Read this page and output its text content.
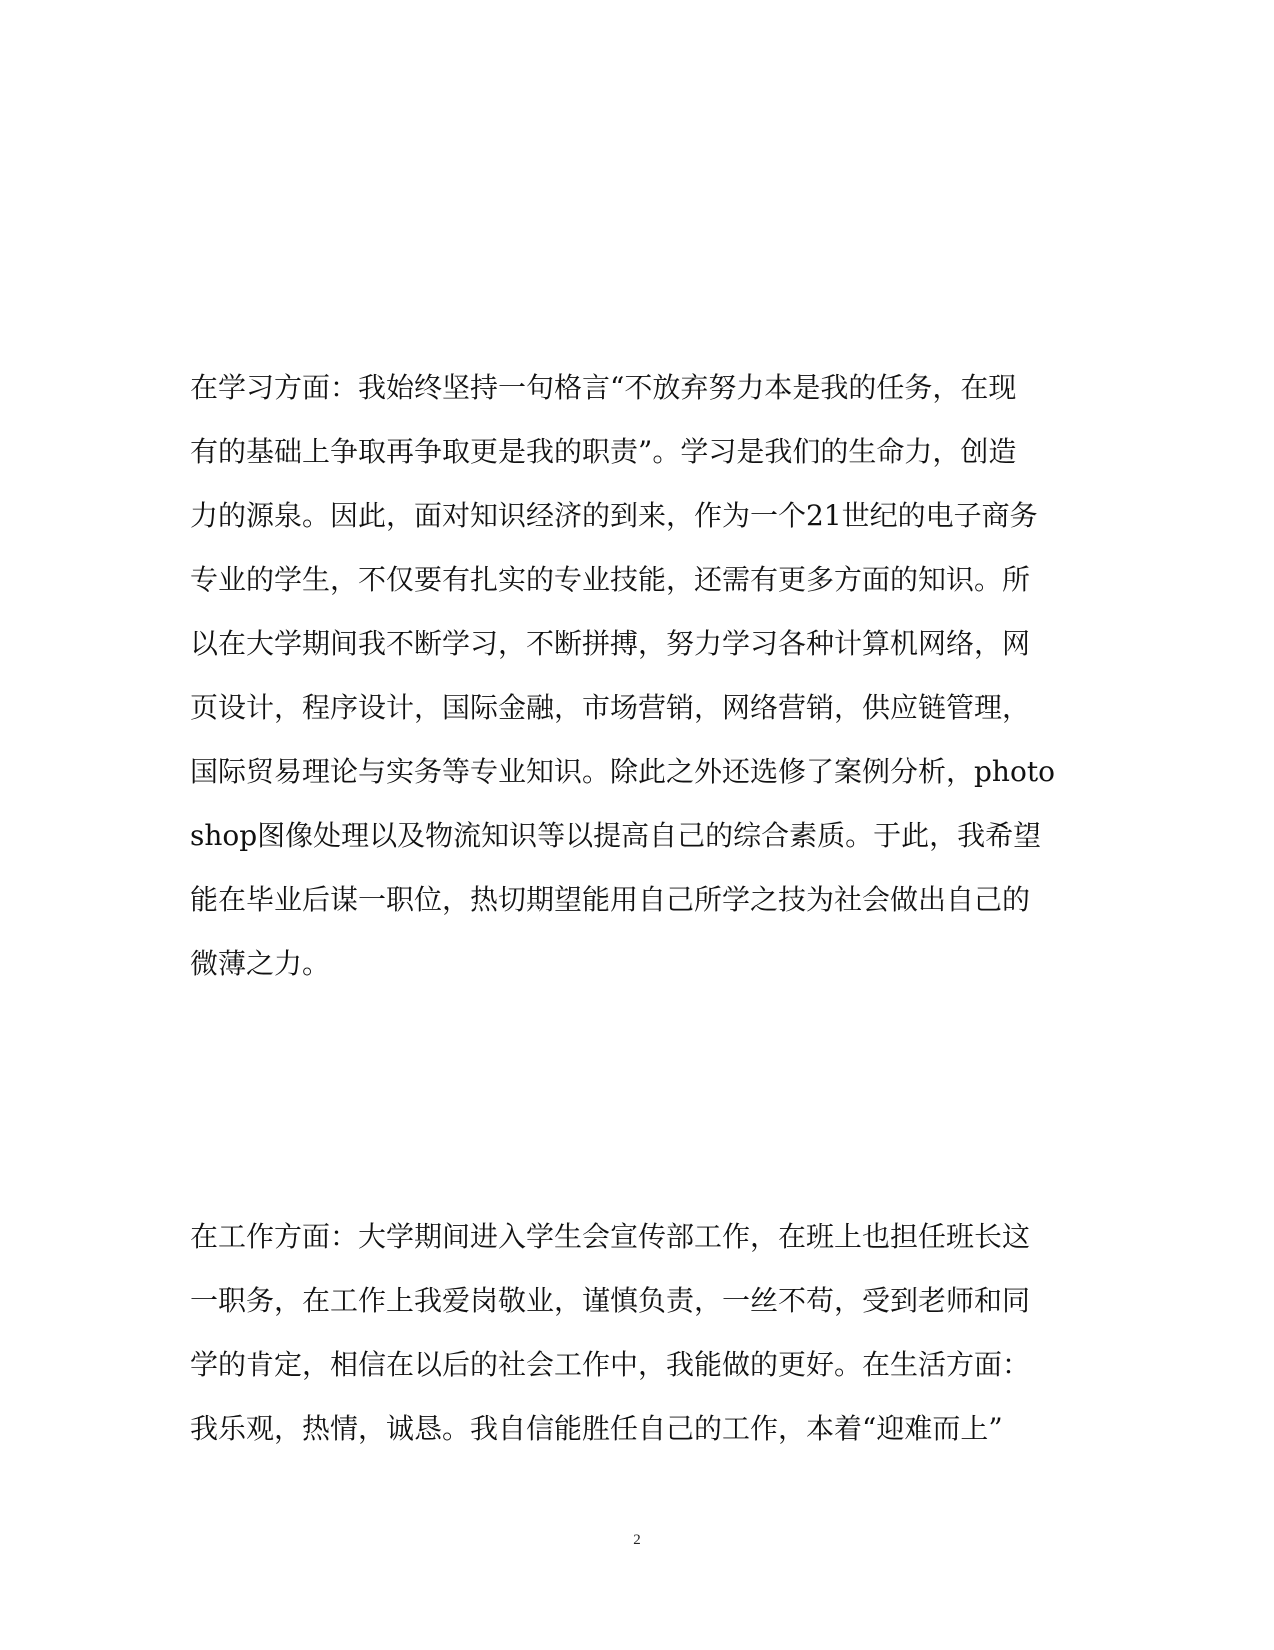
在学习方面：我始终坚持一句格言“不放弃努力本是我的任务，在现
有的基础上争取再争取更是我的职责”。学习是我们的生命力，创造
力的源泉。因此，面对知识经济的到来，作为一个21世纪的电子商务
专业的学生，不仅要有扎实的专业技能，还需有更多方面的知识。所
以在大学期间我不断学习，不断拼搏，努力学习各种计算机网络，网
页设计，程序设计，国际金融，市场营销，网络营销，供应链管理，
国际贸易理论与实务等专业知识。除此之外还选修了案例分析，photo
shop图像处理以及物流知识等以提高自己的综合素质。于此，我希望
能在毕业后谋一职位，热切期望能用自己所学之技为社会做出自己的
微薄之力。
在工作方面：大学期间进入学生会宣传部工作，在班上也担任班长这
一职务，在工作上我爱岗敬业，谨慎负责，一丝不苟，受到老师和同
学的肯定，相信在以后的社会工作中，我能做的更好。在生活方面：
我乐观，热情，诚恳。我自信能胜任自己的工作，本着“迎难而上”
2
